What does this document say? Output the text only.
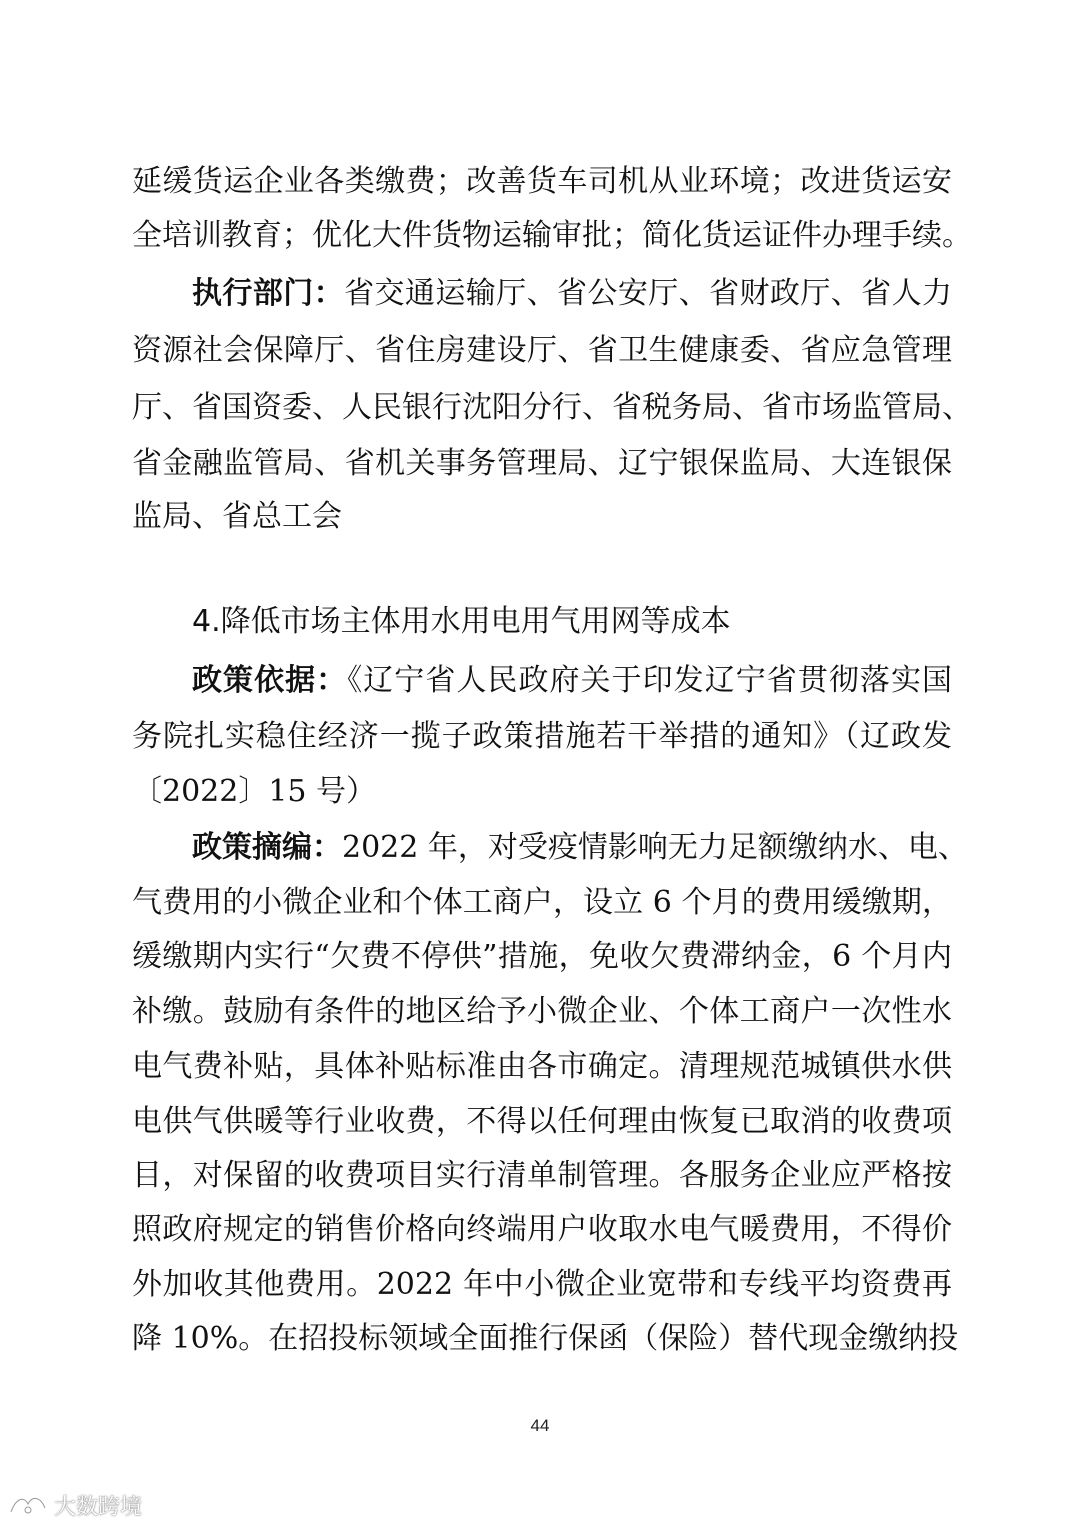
延缓货运企业各类缴费；改善货车司机从业环境；改进货运安
全培训教育；优化大件货物运输审批；简化货运证件办理手续。
执行部门：省交通运输厅、省公安厅、省财政厅、省人力
资源社会保障厅、省住房建设厅、省卫生健康委、省应急管理
厅、省国资委、人民银行沈阳分行、省税务局、省市场监管局、
省金融监管局、省机关事务管理局、辽宁银保监局、大连银保
监局、省总工会
4.降低市场主体用水用电用气用网等成本
政策依据：《辽宁省人民政府关于印发辽宁省贯彻落实国
务院扎实稳住经济一揽子政策措施若干举措的通知》（辽政发
〔2022〕15 号）
政策摘编：2022 年，对受疫情影响无力足额缴纳水、电、
气费用的小微企业和个体工商户，设立 6 个月的费用缓缴期，
缓缴期内实行“欠费不停供”措施，免收欠费滞纳金，6 个月内
补缴。鼓励有条件的地区给予小微企业、个体工商户一次性水
电气费补贴，具体补贴标准由各市确定。清理规范城镇供水供
电供气供暖等行业收费，不得以任何理由恢复已取消的收费项
目，对保留的收费项目实行清单制管理。各服务企业应严格按
照政府规定的销售价格向终端用户收取水电气暖费用，不得价
外加收其他费用。2022 年中小微企业宽带和专线平均资费再
降 10%。在招投标领域全面推行保函（保险）替代现金缴纳投
44
大数跨境
